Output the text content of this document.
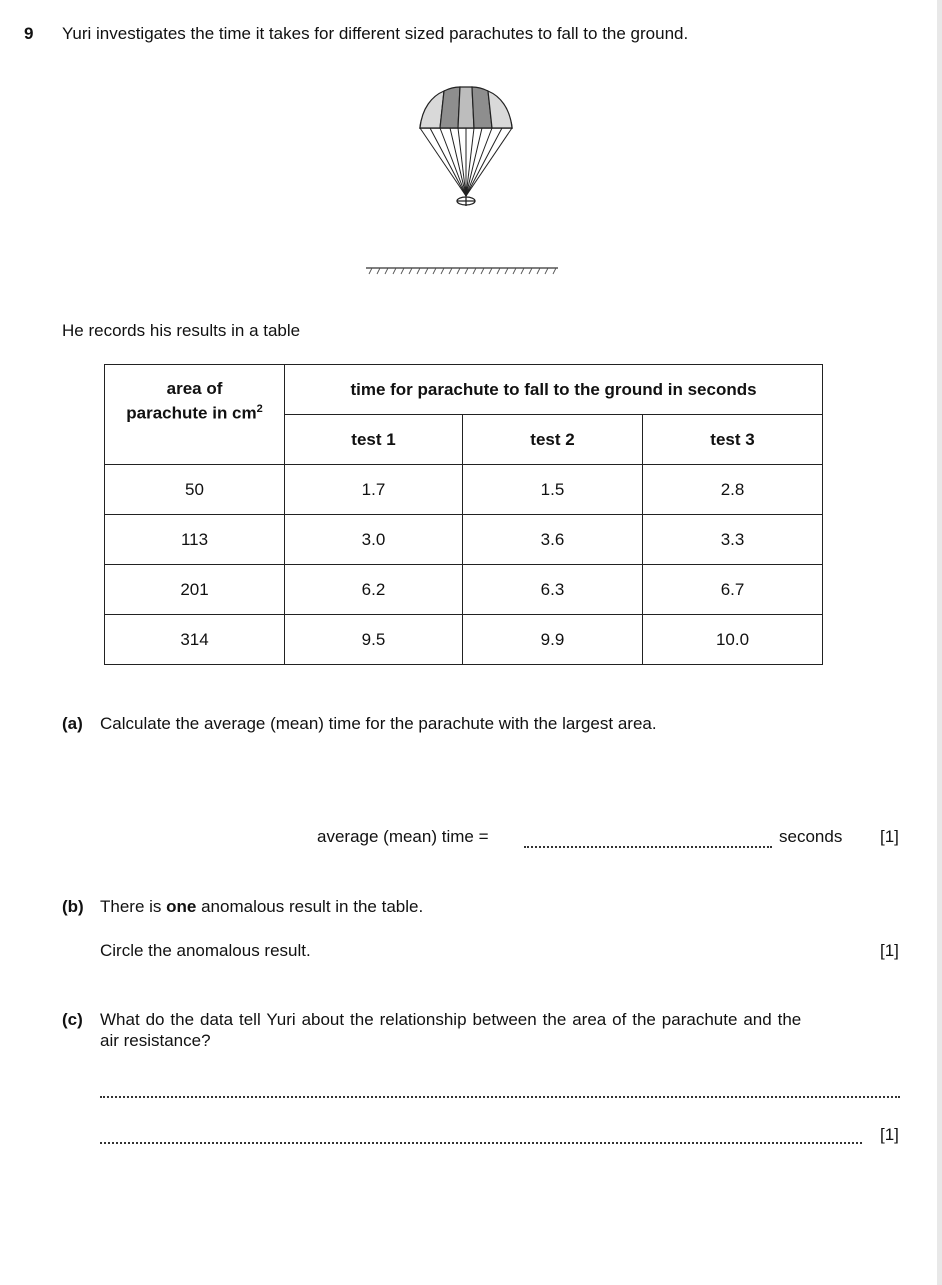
9 Yuri investigates the time it takes for different sized parachutes to fall to the ground.
He records his results in a table
area of
parachute in $cm^2$	time for parachute to fall to the ground in seconds		
	test 1	test 2	test 3
50	1.7	1.5	2.8
113	3.0	3.6	3.3
201	6.2	6.3	6.7
314	9.5	9.9	10.0
(a) Calculate the average (mean) time for the parachute with the largest area.
average (mean) time =	seconds [1]
(b) There is one anomalous result in the table.
Circle the anomalous result.	[1]
(c) What do the data tell Yuri about the relationship between the area of the parachute and the
air resistance?
[1]
